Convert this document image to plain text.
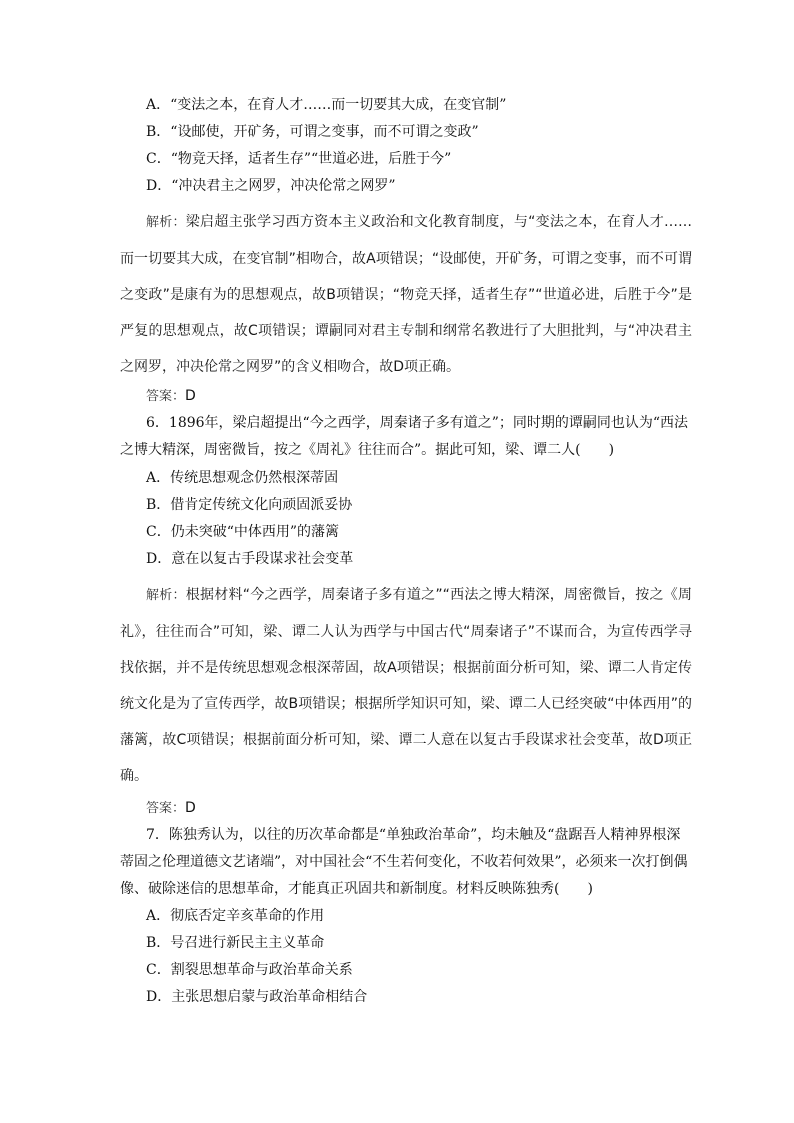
A．“变法之本，在育人才……而一切要其大成，在变官制”
B．“设邮使，开矿务，可谓之变事，而不可谓之变政”
C．“物竞天择，适者生存”“世道必进，后胜于今”
D．“冲决君主之网罗，冲决伦常之网罗”
解析：梁启超主张学习西方资本主义政治和文化教育制度，与“变法之本，在育人才……而一切要其大成，在变官制”相吻合，故A项错误；“设邮使，开矿务，可谓之变事，而不可谓之变政”是康有为的思想观点，故B项错误；“物竞天择，适者生存”“世道必进，后胜于今”是严复的思想观点，故C项错误；谭嗣同对君主专制和纲常名教进行了大胆批判，与“冲决君主之网罗，冲决伦常之网罗”的含义相吻合，故D项正确。
答案：D
6．1896年，梁启超提出“今之西学，周秦诸子多有道之”；同时期的谭嗣同也认为“西法之博大精深，周密微旨，按之《周礼》往往而合”。据此可知，梁、谭二人(　　)
A．传统思想观念仍然根深蒂固
B．借肯定传统文化向顽固派妥协
C．仍未突破“中体西用”的藩篱
D．意在以复古手段谋求社会变革
解析：根据材料“今之西学，周秦诸子多有道之”“西法之博大精深，周密微旨，按之《周礼》，往往而合”可知，梁、谭二人认为西学与中国古代“周秦诸子”不谋而合，为宣传西学寻找依据，并不是传统思想观念根深蒂固，故A项错误；根据前面分析可知，梁、谭二人肯定传统文化是为了宣传西学，故B项错误；根据所学知识可知，梁、谭二人已经突破“中体西用”的藩篱，故C项错误；根据前面分析可知，梁、谭二人意在以复古手段谋求社会变革，故D项正确。
答案：D
7．陈独秀认为，以往的历次革命都是“单独政治革命”，均未触及“盘踞吾人精神界根深蒂固之伦理道德文艺诸端”，对中国社会“不生若何变化，不收若何效果”，必须来一次打倒偶像、破除迷信的思想革命，才能真正巩固共和新制度。材料反映陈独秀(　　)
A．彻底否定辛亥革命的作用
B．号召进行新民主主义革命
C．割裂思想革命与政治革命关系
D．主张思想启蒙与政治革命相结合
